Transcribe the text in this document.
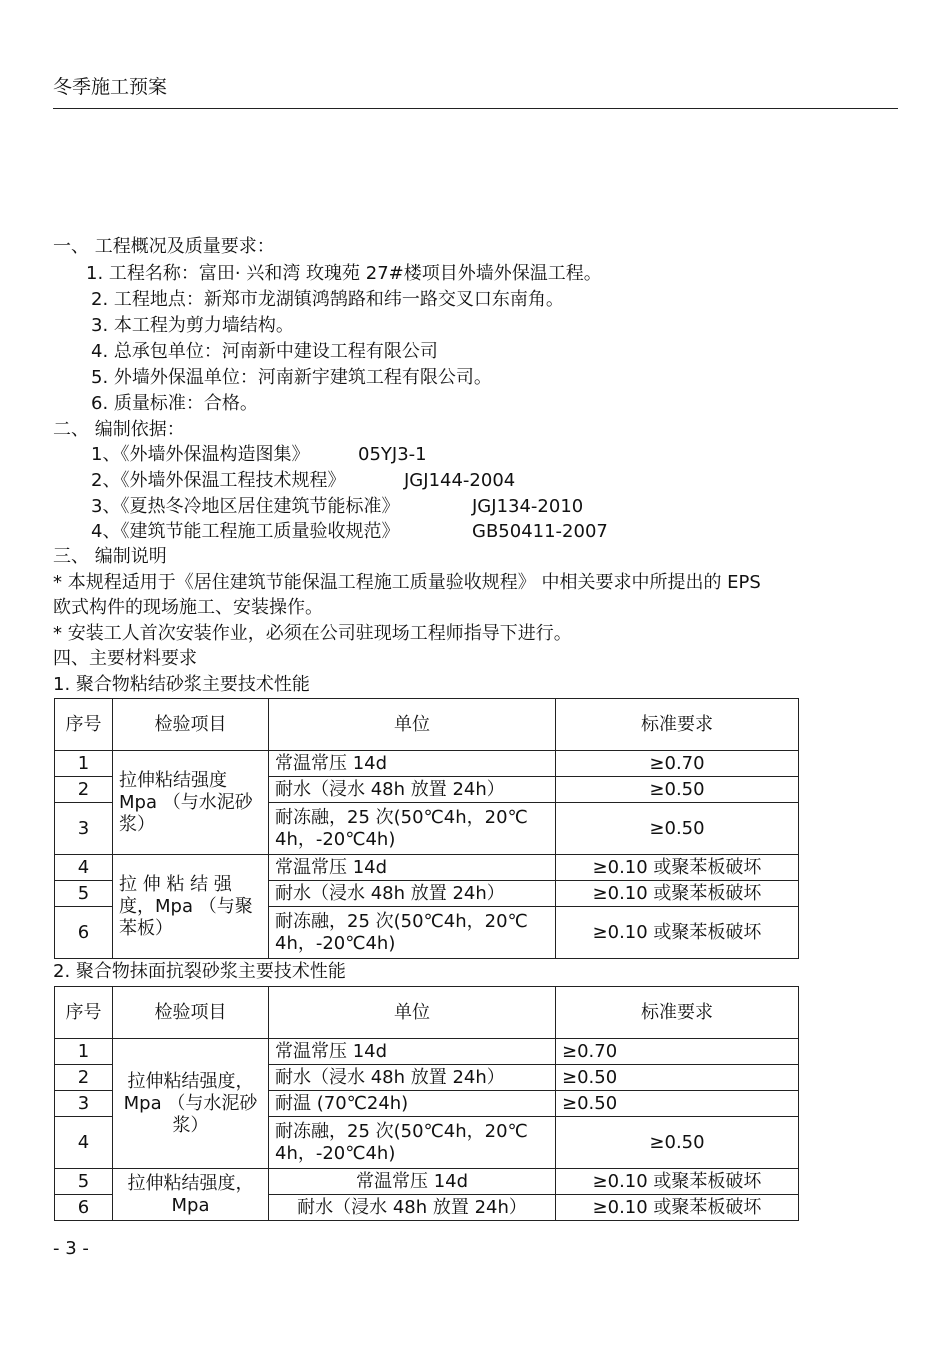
冬季施工预案
一、 工程概况及质量要求：
1. 工程名称：富田· 兴和湾 玫瑰苑 27#楼项目外墙外保温工程。
2. 工程地点：新郑市龙湖镇鸿鹄路和纬一路交叉口东南角。
3. 本工程为剪力墙结构。
4. 总承包单位：河南新中建设工程有限公司
5. 外墙外保温单位：河南新宇建筑工程有限公司。
6. 质量标准：合格。
二、 编制依据：
1、《外墙外保温构造图集》	05YJ3-1
2、《外墙外保温工程技术规程》	JGJ144-2004
3、《夏热冬冷地区居住建筑节能标准》	JGJ134-2010
4、《建筑节能工程施工质量验收规范》	GB50411-2007
三、 编制说明
* 本规程适用于《居住建筑节能保温工程施工质量验收规程》 中相关要求中所提出的 EPS
欧式构件的现场施工、安装操作。
* 安装工人首次安装作业，必须在公司驻现场工程师指导下进行。
四、主要材料要求
1. 聚合物粘结砂浆主要技术性能
序号	检验项目	单位	标准要求
1	拉伸粘结强度 Mpa （与水泥砂浆）	常温常压 14d	≥0.70
2		耐水（浸水 48h 放置 24h）	≥0.50
3		耐冻融，25 次(50℃4h，20℃ 4h，-20℃4h)	≥0.50
4	拉 伸 粘 结 强 度，Mpa （与聚苯板）	常温常压 14d	≥0.10 或聚苯板破坏
5		耐水（浸水 48h 放置 24h）	≥0.10 或聚苯板破坏
6		耐冻融，25 次(50℃4h，20℃ 4h，-20℃4h)	≥0.10 或聚苯板破坏
2. 聚合物抹面抗裂砂浆主要技术性能
序号	检验项目	单位	标准要求
1	拉伸粘结强度，Mpa （与水泥砂浆）	常温常压 14d	≥0.70
2		耐水（浸水 48h 放置 24h）	≥0.50
3		耐温 (70℃24h)	≥0.50
4		耐冻融，25 次(50℃4h，20℃ 4h，-20℃4h)	≥0.50
5	拉伸粘结强度，Mpa	常温常压 14d	≥0.10 或聚苯板破坏
6		耐水（浸水 48h 放置 24h）	≥0.10 或聚苯板破坏
- 3 -
